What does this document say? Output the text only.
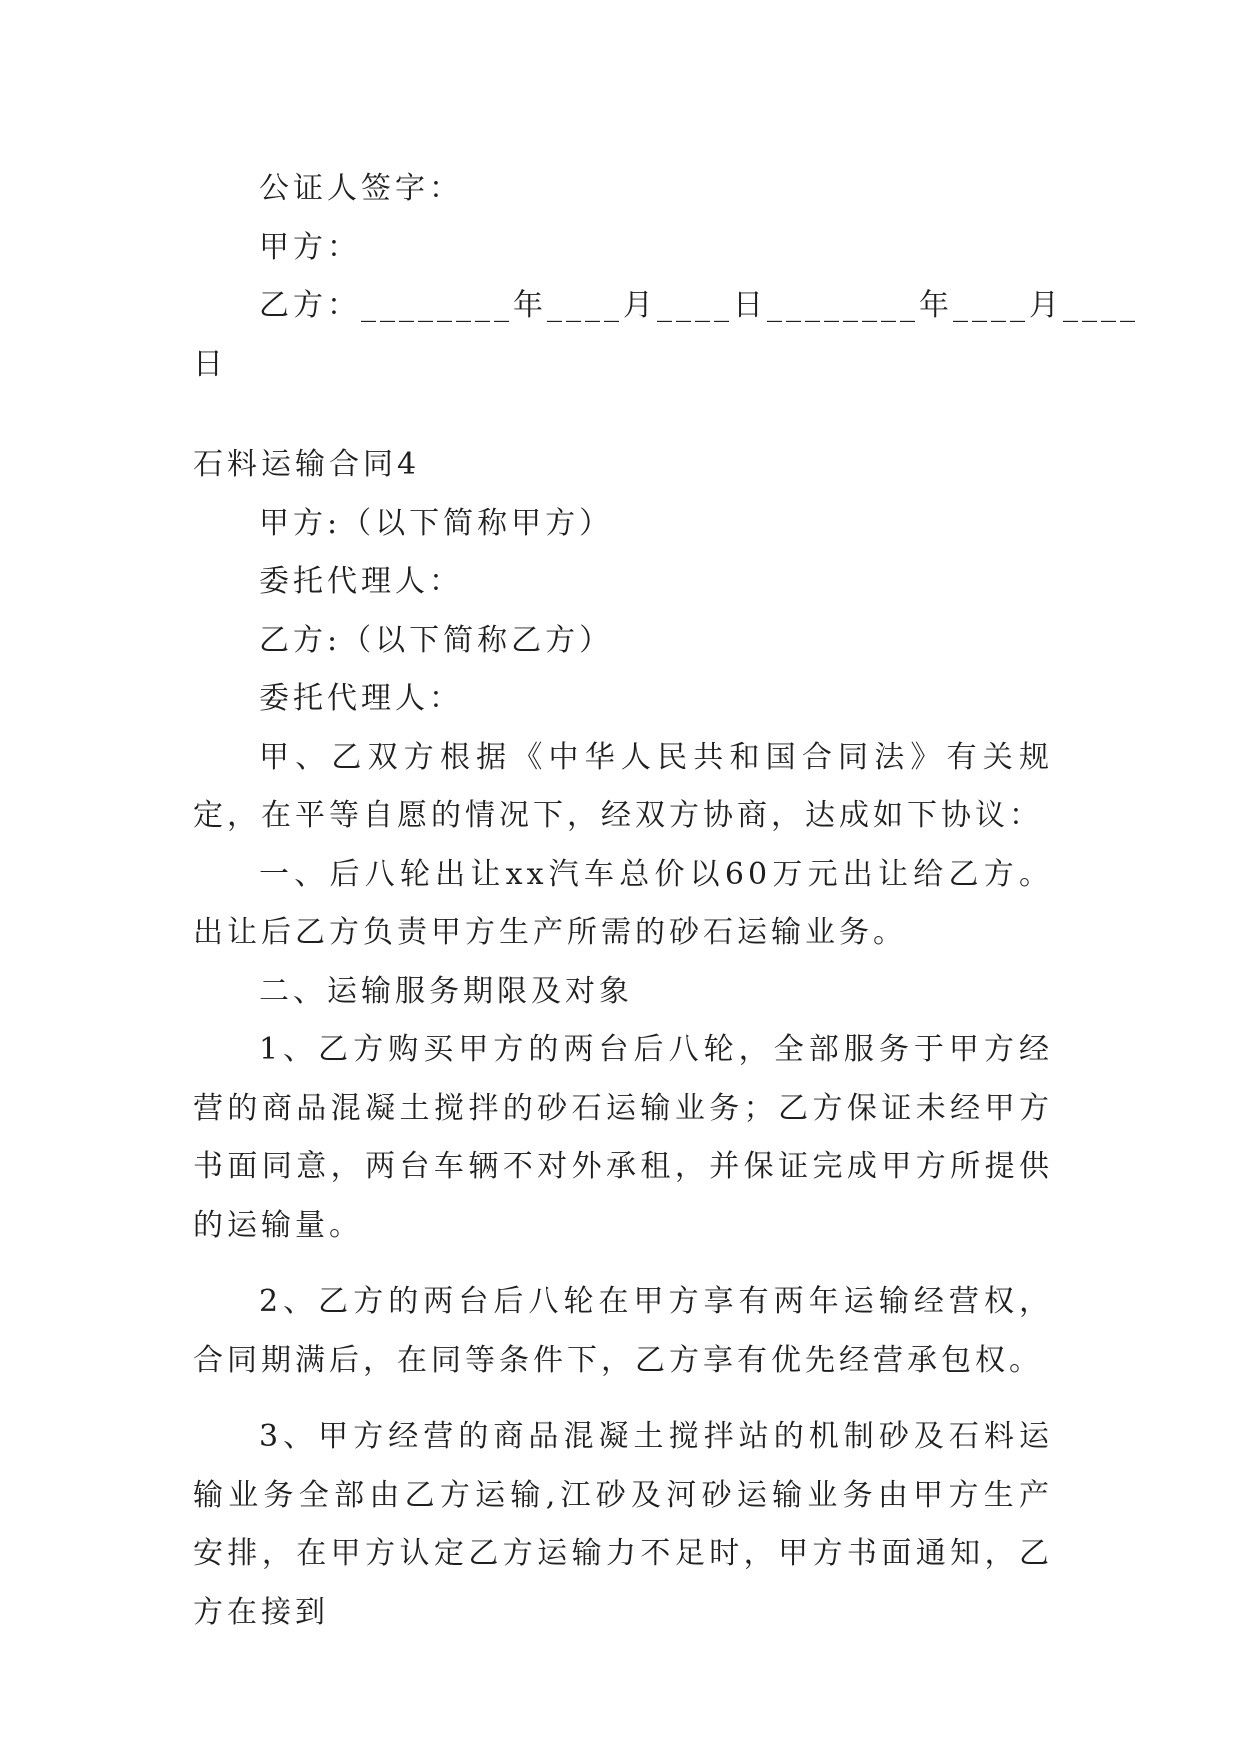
公证人签字：

甲方：

乙方：________年____月____日________年____月____

日

石料运输合同4

甲方:（以下简称甲方）

委托代理人：

乙方:（以下简称乙方）

委托代理人：

甲、乙双方根据《中华人民共和国合同法》有关规定，在平等自愿的情况下，经双方协商，达成如下协议：

一、后八轮出让xx汽车总价以60万元出让给乙方。出让后乙方负责甲方生产所需的砂石运输业务。

二、运输服务期限及对象

1、乙方购买甲方的两台后八轮，全部服务于甲方经营的商品混凝土搅拌的砂石运输业务；乙方保证未经甲方书面同意，两台车辆不对外承租，并保证完成甲方所提供的运输量。

2、乙方的两台后八轮在甲方享有两年运输经营权，合同期满后，在同等条件下，乙方享有优先经营承包权。

3、甲方经营的商品混凝土搅拌站的机制砂及石料运输业务全部由乙方运输,江砂及河砂运输业务由甲方生产安排，在甲方认定乙方运输力不足时，甲方书面通知，乙方在接到
